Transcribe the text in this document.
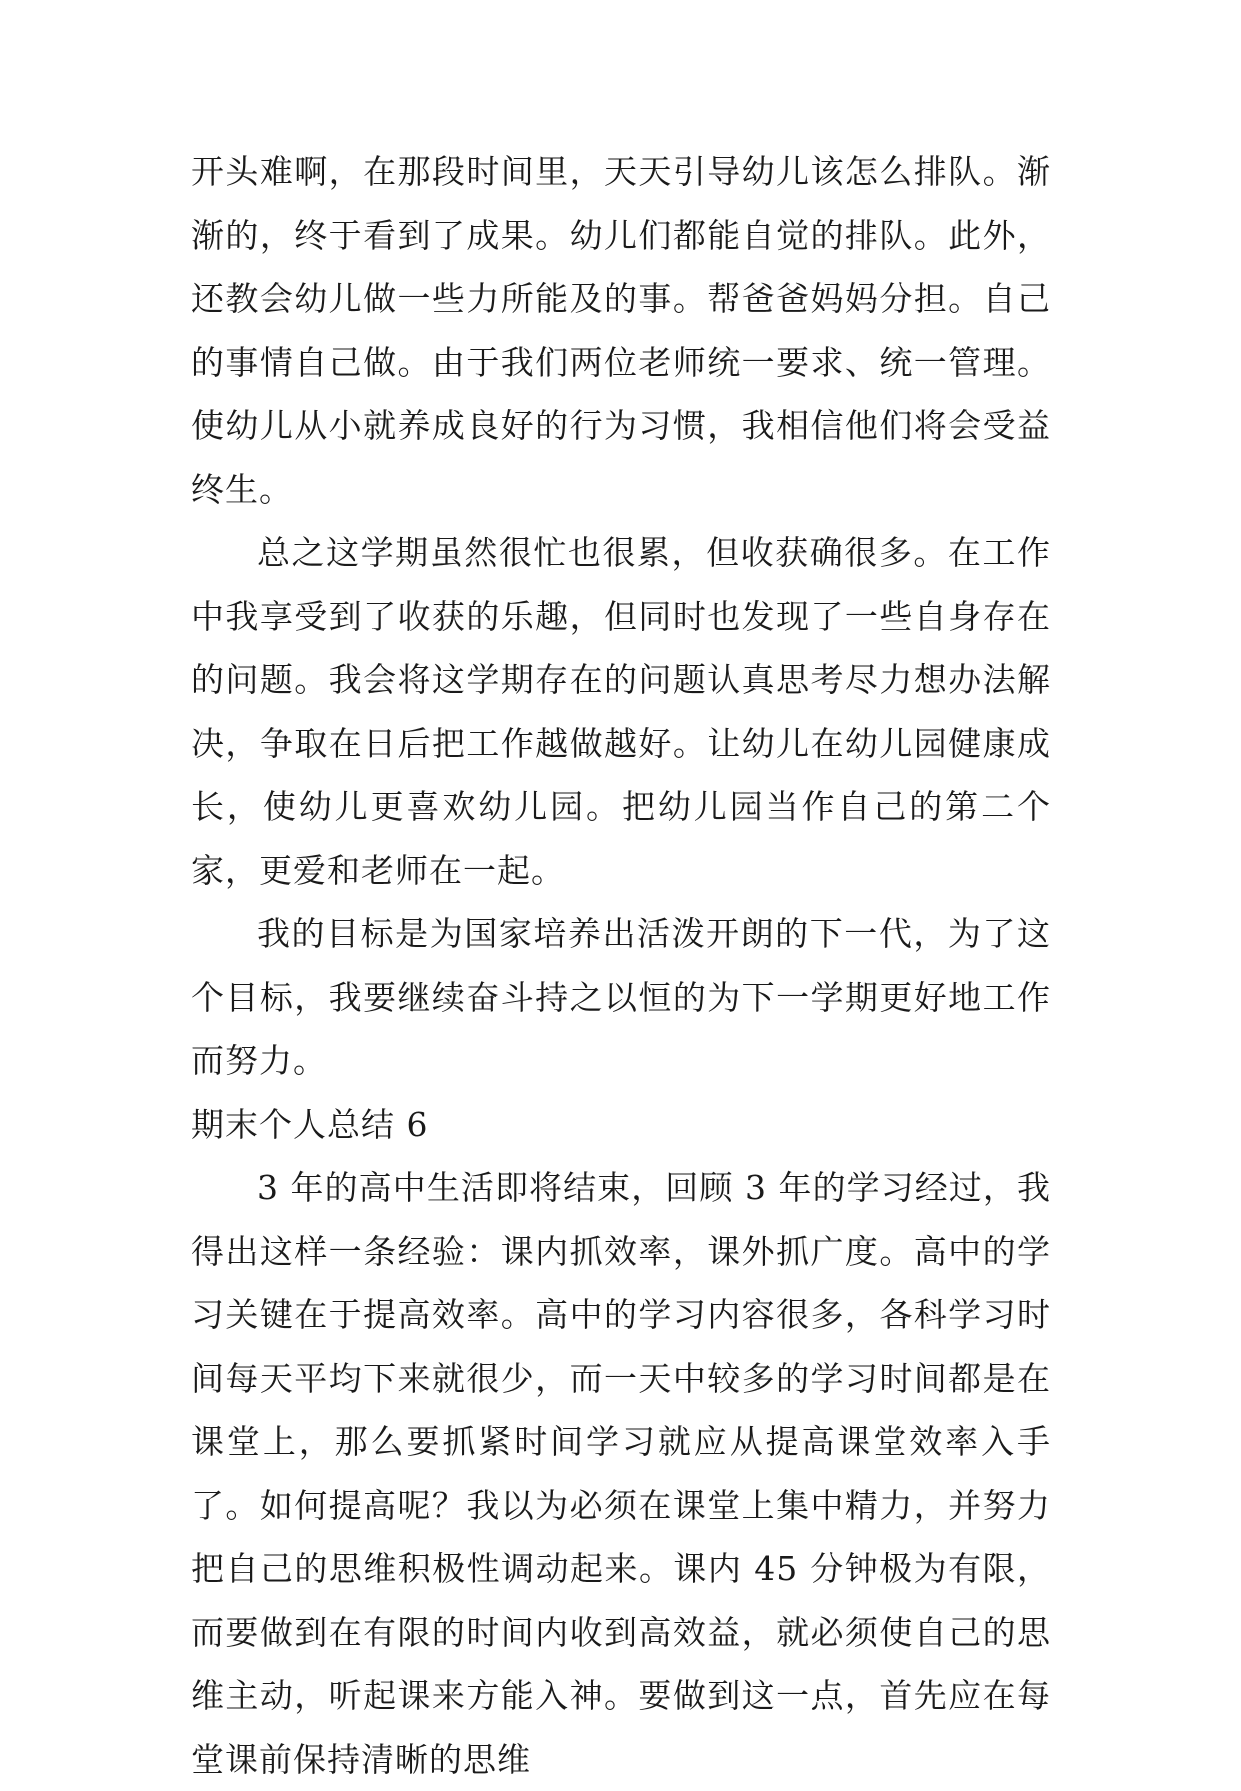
开头难啊，在那段时间里，天天引导幼儿该怎么排队。渐渐的，终于看到了成果。幼儿们都能自觉的排队。此外，还教会幼儿做一些力所能及的事。帮爸爸妈妈分担。自己的事情自己做。由于我们两位老师统一要求、统一管理。使幼儿从小就养成良好的行为习惯，我相信他们将会受益终生。

总之这学期虽然很忙也很累，但收获确很多。在工作中我享受到了收获的乐趣，但同时也发现了一些自身存在的问题。我会将这学期存在的问题认真思考尽力想办法解决，争取在日后把工作越做越好。让幼儿在幼儿园健康成长，使幼儿更喜欢幼儿园。把幼儿园当作自己的第二个家，更爱和老师在一起。

我的目标是为国家培养出活泼开朗的下一代，为了这个目标，我要继续奋斗持之以恒的为下一学期更好地工作而努力。

期末个人总结 6

3 年的高中生活即将结束，回顾 3 年的学习经过，我得出这样一条经验：课内抓效率，课外抓广度。高中的学习关键在于提高效率。高中的学习内容很多，各科学习时间每天平均下来就很少，而一天中较多的学习时间都是在课堂上，那么要抓紧时间学习就应从提高课堂效率入手了。如何提高呢？我以为必须在课堂上集中精力，并努力把自己的思维积极性调动起来。课内 45 分钟极为有限，而要做到在有限的时间内收到高效益，就必须使自己的思维主动，听起课来方能入神。要做到这一点，首先应在每堂课前保持清晰的思维
